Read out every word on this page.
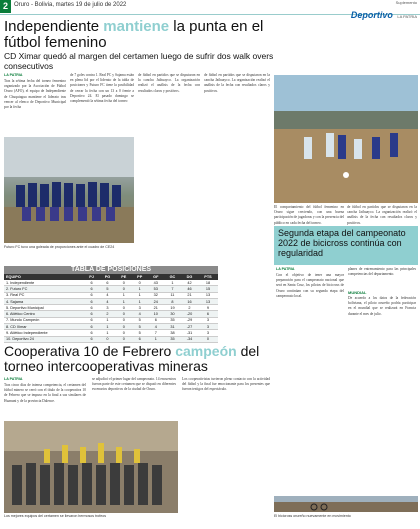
2	Oruro - Bolivia, martes 19 de julio de 2022	Suplemento
Deportivo LA PATRIA
Independiente mantiene la punta en el fútbol femenino
CD Ximar quedó al margen del certamen luego de sufrir dos walk overs consecutivos
LA PATRIA
Tras la sétima fecha del torneo femenino organizado por la Asociación de Fútbol Oruro (AFO), el equipo de Independiente de Chuquiagua mantiene el liderato tras vencer al elenco de Deportivo Municipal por la fecha
de 7 goles contra 1. Real PC y Sajama están en plena lid por el liderato de la tabla de posiciones y Futuro FC tiene la posibilidad de cerrar la fecha con un 13 a 0 frente a Deportivo 24. El pasado domingo se complementó la sétima fecha del torneo
de fútbol en partidos que se disputaron en la cancha Jaihuayco. La organización realizó el análisis de la fecha con resultados claros y positivos.
de fútbol en partidos que se disputaron en la cancha Jaihuayco. La organización realizó el análisis de la fecha con resultados claros y positivos.
Futuro FC tuvo una goleada de proporciones ante el cuadro de CE24
El comportamiento del fútbol femenino en Oruro sigue creciendo, con una buena participación de jugadoras y con la presencia del público en cada fecha del torneo.
de fútbol en partidos que se disputaron en la cancha Jaihuayco. La organización realizó el análisis de la fecha con resultados claros y positivos.
TABLA DE POSICIONES
EQUIPO	PJ	PG	PE	PP	GF	GC	DG	PTS
1. Independiente	6	6	0	0	43	1	42	18
2. Futuro FC	6	5	0	1	53	7	46	15
3. Real PC	6	4	1	1	32	11	21	13
4. Sajama	6	4	1	1	24	8	16	13
5. Deportivo Municipal	6	3	0	3	21	19	2	9
6. Atlético Centro	6	2	0	4	10	30	-20	6
7. Mundo Campeón	6	1	0	5	6	35	-29	3
8. CD Ximar	6	1	0	5	4	31	-27	3
9. Atlético Independiente	6	1	0	5	7	38	-31	3
10. Deportivo 24	6	0	0	6	1	35	-34	0
Cooperativa 10 de Febrero campeón del torneo intercooperativas mineras
LA PATRIA
Tras cinco días de intensa competencia, el certamen del fútbol minero se cerró con el título de la cooperativa 10 de Febrero que se impuso en la final a sus similares de Huanuni y de la provincia Dalence.
se adjudicó el primer lugar del campeonato. 14 encuentros fueron parte de este certamen que se disputó en diferentes escenarios deportivos de la ciudad de Oruro.
Los cooperativistas tuvieron pleno contacto con la actividad del fútbol y la final fue emocionante para los presentes que fueron testigos del espectáculo.
Los mejores equipos del certamen se llevaron hermosos trofeos
Segunda etapa del campeonato 2022 de bicicross continúa con regularidad
LA PATRIA
Con el objetivo de tener una mayor preparación para el campeonato nacional que será en Santa Cruz, los pilotos de bicicross de Oruro continúan con su segunda etapa del campeonato local.
planes de entrenamiento para las principales competencias del departamento.
MUNDIAL
De acuerdo a los datos de la federación boliviana, el piloto orureño podría participar en el mundial que se realizará en Francia durante el mes de julio.
El bicicross orureño nuevamente en movimiento
